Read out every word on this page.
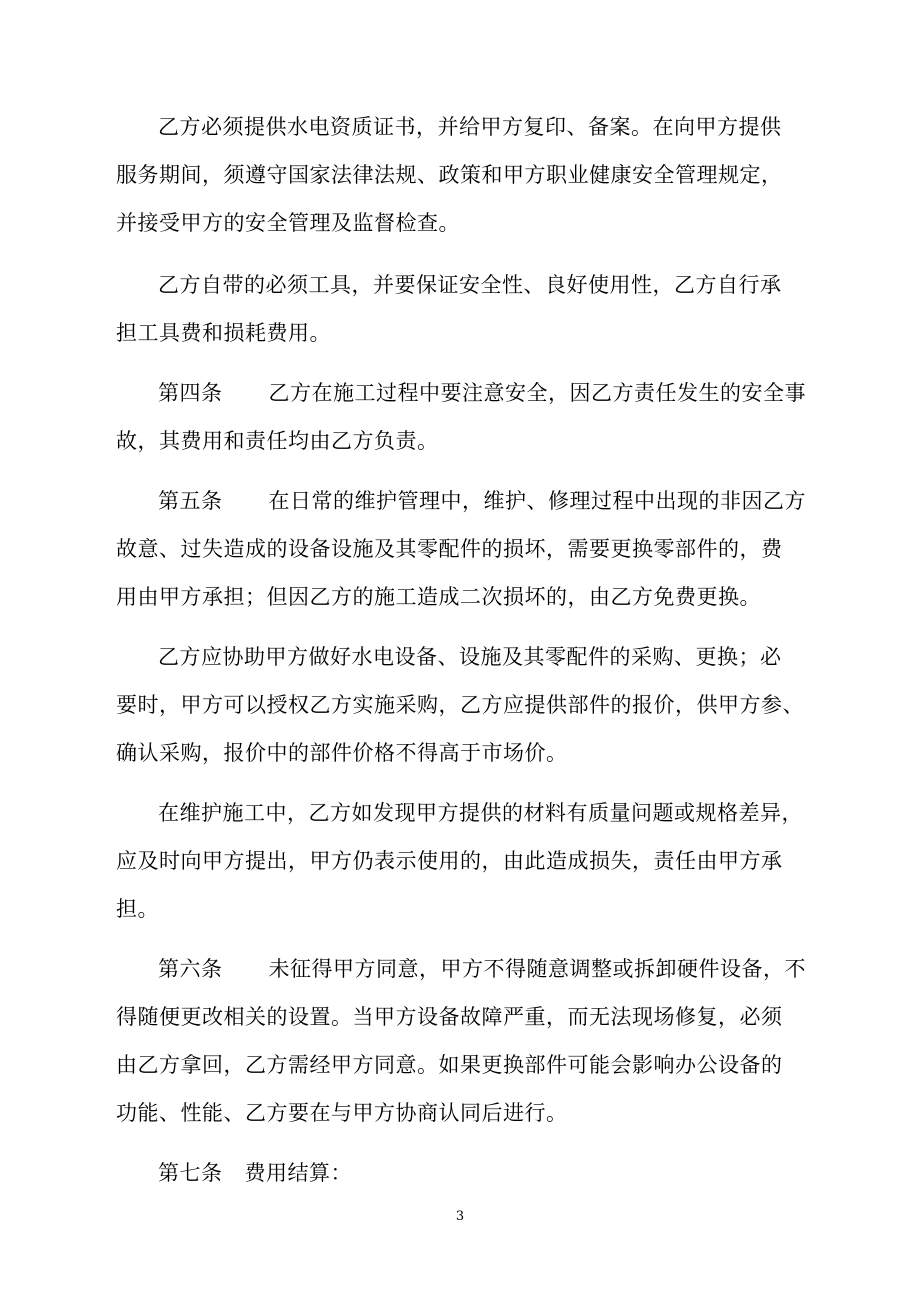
乙方必须提供水电资质证书，并给甲方复印、备案。在向甲方提供
服务期间，须遵守国家法律法规、政策和甲方职业健康安全管理规定，
并接受甲方的安全管理及监督检查。
乙方自带的必须工具，并要保证安全性、良好使用性，乙方自行承
担工具费和损耗费用。
第四条 乙方在施工过程中要注意安全，因乙方责任发生的安全事
故，其费用和责任均由乙方负责。
第五条 在日常的维护管理中，维护、修理过程中出现的非因乙方
故意、过失造成的设备设施及其零配件的损坏，需要更换零部件的，费
用由甲方承担；但因乙方的施工造成二次损坏的，由乙方免费更换。
乙方应协助甲方做好水电设备、设施及其零配件的采购、更换；必
要时，甲方可以授权乙方实施采购，乙方应提供部件的报价，供甲方参、
确认采购，报价中的部件价格不得高于市场价。
在维护施工中，乙方如发现甲方提供的材料有质量问题或规格差异，
应及时向甲方提出，甲方仍表示使用的，由此造成损失，责任由甲方承
担。
第六条 未征得甲方同意，甲方不得随意调整或拆卸硬件设备，不
得随便更改相关的设置。当甲方设备故障严重，而无法现场修复，必须
由乙方拿回，乙方需经甲方同意。如果更换部件可能会影响办公设备的
功能、性能、乙方要在与甲方协商认同后进行。
第七条 费用结算：
3
